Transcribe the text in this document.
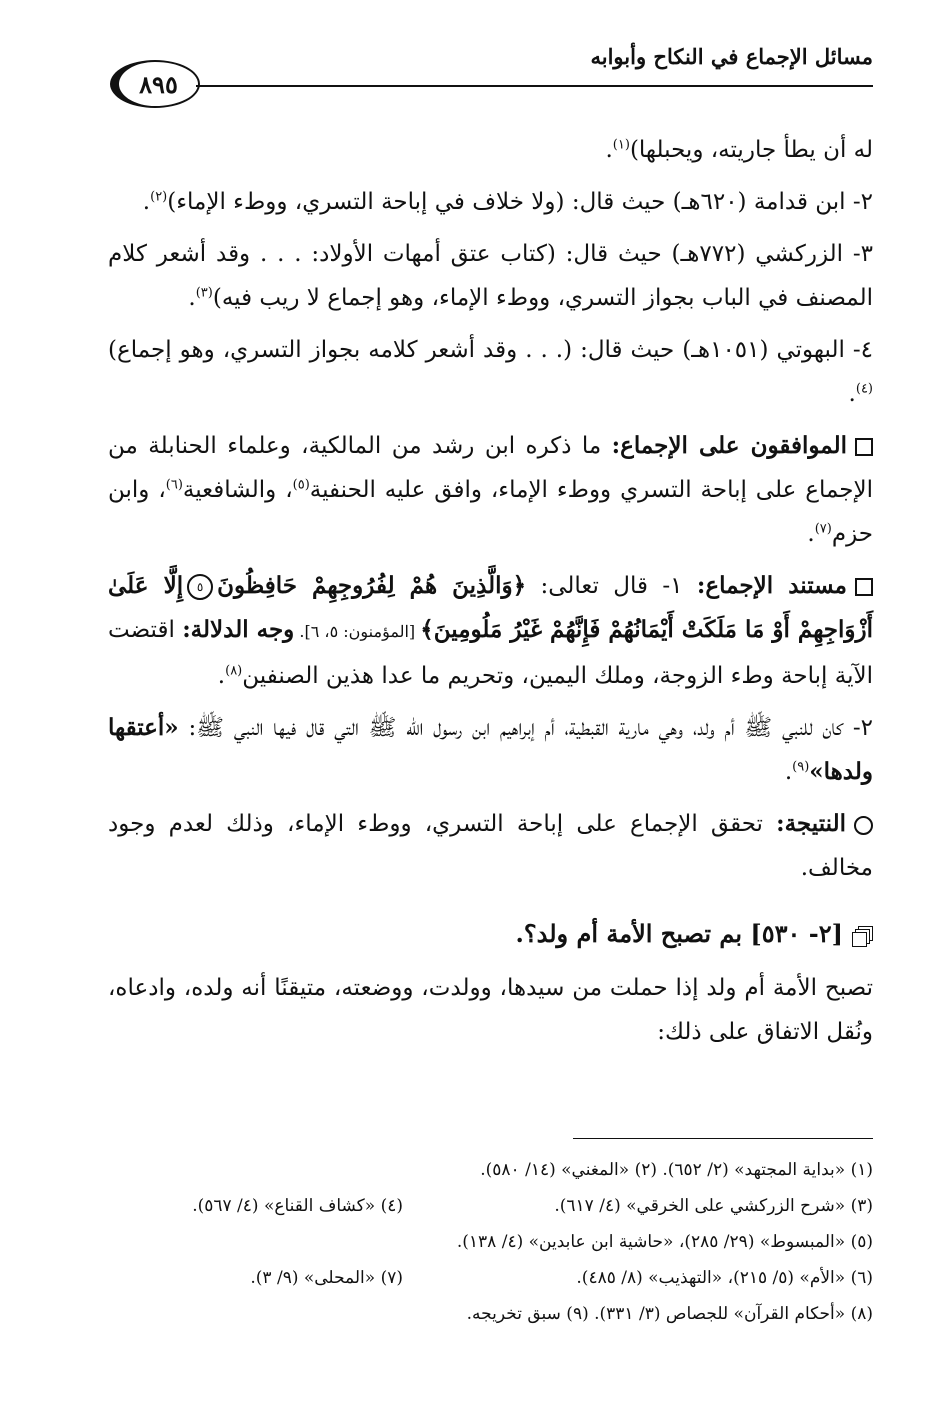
مسائل الإجماع في النكاح وأبوابه
٨٩٥

له أن يطأ جاريته، ويحبلها)$^{(١)}$.

٢- ابن قدامة (٦٢٠هـ) حيث قال: (ولا خلاف في إباحة التسري، ووطء الإماء)$^{(٢)}$.

٣- الزركشي (٧٧٢هـ) حيث قال: (كتاب عتق أمهات الأولاد: . . . وقد أشعر كلام المصنف في الباب بجواز التسري، ووطء الإماء، وهو إجماع لا ريب فيه)$^{(٣)}$.

٤- البهوتي (١٠٥١هـ) حيث قال: (. . . وقد أشعر كلامه بجواز التسري، وهو إجماع)$^{(٤)}$.

الموافقون على الإجماع: ما ذكره ابن رشد من المالكية، وعلماء الحنابلة من الإجماع على إباحة التسري ووطء الإماء، وافق عليه الحنفية$^{(٥)}$، والشافعية$^{(٦)}$، وابن حزم$^{(٧)}$.

مستند الإجماع: ١- قال تعالى: ﴿وَالَّذِينَ هُمْ لِفُرُوجِهِمْ حَافِظُونَ٥إِلَّا عَلَىٰ أَزْوَاجِهِمْ أَوْ مَا مَلَكَتْ أَيْمَانُهُمْ فَإِنَّهُمْ غَيْرُ مَلُومِينَ﴾ [المؤمنون: ٥، ٦]. وجه الدلالة: اقتضت الآية إباحة وطء الزوجة، وملك اليمين، وتحريم ما عدا هذين الصنفين$^{(٨)}$.

٢- كان للنبي ﷺ أم ولد، وهي مارية القبطية، أم إبراهيم ابن رسول الله ﷺ التي قال فيها النبي ﷺ: «أعتقها ولدها»$^{(٩)}$.

النتيجة: تحقق الإجماع على إباحة التسري، ووطء الإماء، وذلك لعدم وجود مخالف.

[٢- ٥٣٠] بم تصبح الأمة أم ولد؟.

تصبح الأمة أم ولد إذا حملت من سيدها، وولدت، ووضعته، متيقنًا أنه ولده، وادعاه، ونُقل الاتفاق على ذلك:

(١) «بداية المجتهد» (٢/ ٦٥٢). (٢) «المغني» (١٤/ ٥٨٠).
(٣) «شرح الزركشي على الخرقي» (٤/ ٦١٧).
(٤) «كشاف القناع» (٤/ ٥٦٧).
(٥) «المبسوط» (٢٩/ ٢٨٥)، «حاشية ابن عابدين» (٤/ ١٣٨).
(٦) «الأم» (٥/ ٢١٥)، «التهذيب» (٨/ ٤٨٥).
(٧) «المحلى» (٩/ ٣).
(٨) «أحكام القرآن» للجصاص (٣/ ٣٣١). (٩) سبق تخريجه.
